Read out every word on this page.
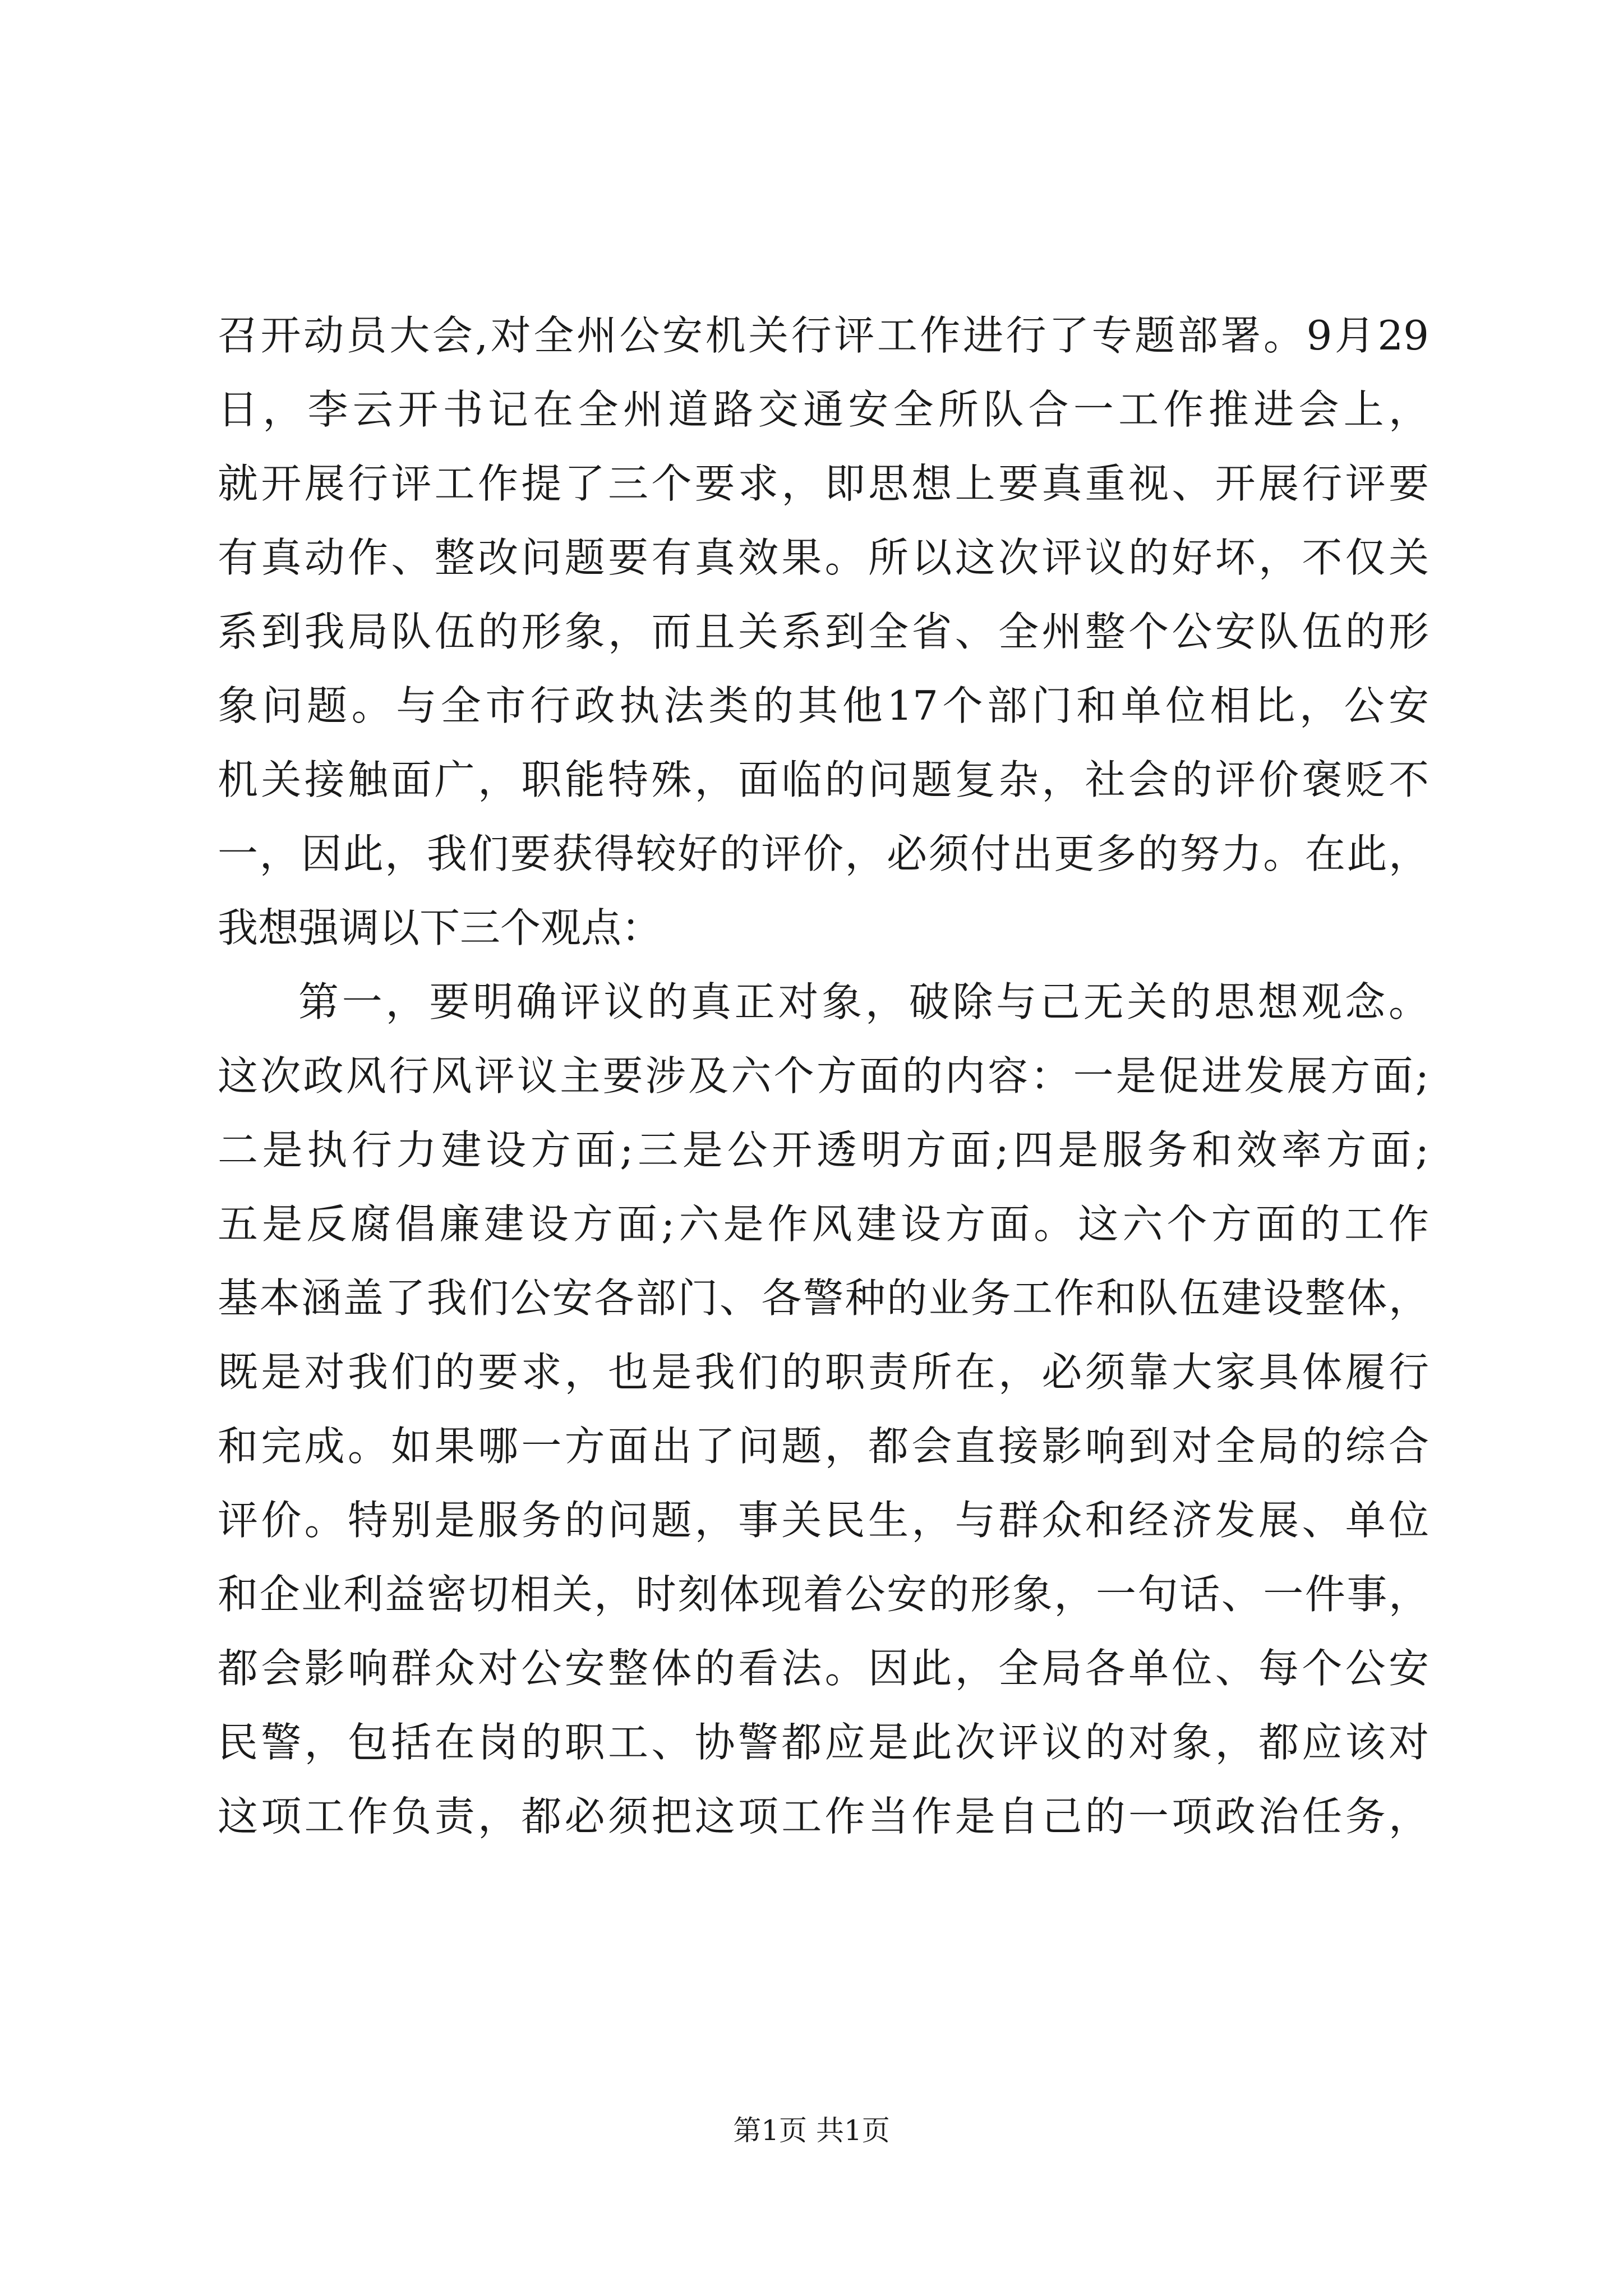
召开动员大会,对全州公安机关行评工作进行了专题部署。9月29
日，李云开书记在全州道路交通安全所队合一工作推进会上，
就开展行评工作提了三个要求，即思想上要真重视、开展行评要
有真动作、整改问题要有真效果。所以这次评议的好坏，不仅关
系到我局队伍的形象，而且关系到全省、全州整个公安队伍的形
象问题。与全市行政执法类的其他17个部门和单位相比，公安
机关接触面广，职能特殊，面临的问题复杂，社会的评价褒贬不
一，因此，我们要获得较好的评价，必须付出更多的努力。在此，
我想强调以下三个观点：
第一，要明确评议的真正对象，破除与己无关的思想观念。
这次政风行风评议主要涉及六个方面的内容：一是促进发展方面;
二是执行力建设方面;三是公开透明方面;四是服务和效率方面;
五是反腐倡廉建设方面;六是作风建设方面。这六个方面的工作
基本涵盖了我们公安各部门、各警种的业务工作和队伍建设整体，
既是对我们的要求，也是我们的职责所在，必须靠大家具体履行
和完成。如果哪一方面出了问题，都会直接影响到对全局的综合
评价。特别是服务的问题，事关民生，与群众和经济发展、单位
和企业利益密切相关，时刻体现着公安的形象，一句话、一件事，
都会影响群众对公安整体的看法。因此，全局各单位、每个公安
民警，包括在岗的职工、协警都应是此次评议的对象，都应该对
这项工作负责，都必须把这项工作当作是自己的一项政治任务，
第1页 共1页
